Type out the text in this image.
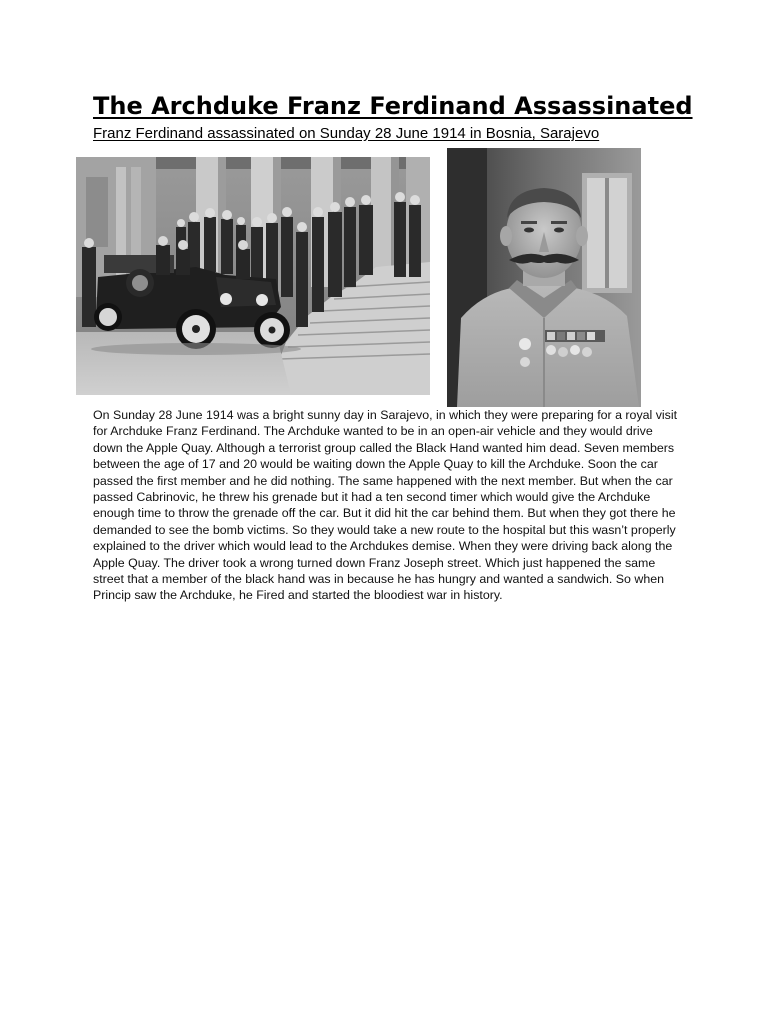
The Archduke Franz Ferdinand Assassinated

Franz Ferdinand assassinated on Sunday 28 June 1914 in Bosnia, Sarajevo

On Sunday 28 June 1914 was a bright sunny day in Sarajevo, in which they were preparing for a royal visit for Archduke Franz Ferdinand. The Archduke wanted to be in an open-air vehicle and they would drive down the Apple Quay. Although a terrorist group called the Black Hand wanted him dead. Seven members between the age of 17 and 20 would be waiting down the Apple Quay to kill the Archduke. Soon the car passed the first member and he did nothing. The same happened with the next member. But when the car passed Cabrinovic, he threw his grenade but it had a ten second timer which would give the Archduke enough time to throw the grenade off the car. But it did hit the car behind them. But when they got there he demanded to see the bomb victims. So they would take a new route to the hospital but this wasn’t properly explained to the driver which would lead to the Archdukes demise. When they were driving back along the Apple Quay. The driver took a wrong turned down Franz Joseph street. Which just happened the same street that a member of the black hand was in because he has hungry and wanted a sandwich. So when Princip saw the Archduke, he Fired and started the bloodiest war in history.
